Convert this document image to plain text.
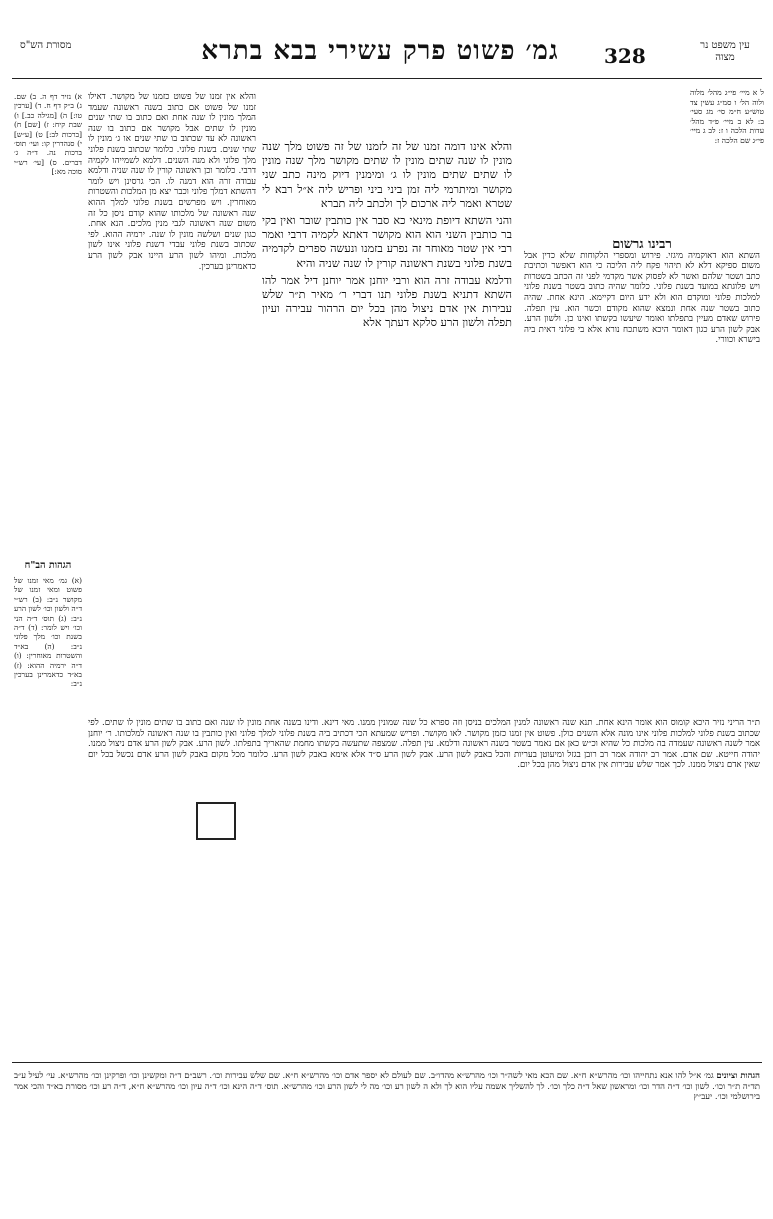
מסורת הש"ס	גמ׳ פשוט פרק עשירי בבא בתרא 328	עין משפט נר מצוה
ל א מיי׳ פי״ג מהל׳ מלוה ולוה הל׳ ו סמ״ג עשין צד טוש״ע ח״מ סי׳ מג סעי׳ ב: לא ב מיי׳ פ״ד מהל׳ עדות הלכה ו ז: לב ג מיי׳ פי״ג שם הלכה ז:
רבינו גרשום

השתא הוא דאוקמיה מיגזי. פירוש ומספרי הלקוחות שלא כדין אבל משום ספיקא דלא לא תיהוי פקח ליה הליכה כי הוא דאפשר וכתיבת כתב ושטר שלהם ואשר לא לפסוק אשר מקדמי לפני זה הכתב בשטרות ויש פלוגתא במועד בשנת פלוני. כלומר שהיה כתוב בשטר בשנת פלוני למלכות פלוני ומוקדם הוא ולא ידע היום דקיימא. הינא אחת. שהיה כתוב בשטר שנה אחת ונמצא שהוא מקודם וכשר הוא. עין תפלה. פירוש שאדם מעיין בתפלתו ואומר שיעשו בקשתו ואינו כן. ולשון הרע. אבק לשון הרע כגון דאומר היכא משתכח נורא אלא בי פלוני דאית ביה בישרא וכוורי.

והלא אינו דומה זמנו של זה לזמנו של זה פשוט מלך שנה מונין לו שנה שתים מונין לו שתים מקושר מלך שנה מונין לו שתים שתים מונין לו ג׳ ומימנין דיוק מינה כתב שני מקושר ומיתרמי ליה זמן ביני ביני ופריש ליה א״ל רבא לי שטרא ואמר ליה ארכום לך ולכתב ליה תברא

והני השתא דיופת מינאי כא סבר אין כותבין שובר ואין בקי בר כותבין השני הוא הוא מקושר דאתא לקמיה דרבי ואמר רבי אין שטר מאוחר זה נפרע בזמנו ונעשה ספרים לקדמיה בשנת פלוני בשנת ראשונה קורין לו שנה שניה והיא

ודלמא עבודה זרה הוא ורבי יוחנן אמר יוחנן דיל אמר להו השתא דתניא בשנת פלוני תנו דברי ר׳ מאיר ת״ר שלש עבירות אין אדם ניצול מהן בכל יום הרהור עבירה ועיון תפלה ולשון הרע סלקא דעתך אלא

והלא אין זמנו של פשוט כזמנו של מקושר. דאילו זמנו של פשוט אם כתוב בשנה ראשונה שעמד המלך מונין לו שנה אחת ואם כתוב בו שתי שנים מונין לו שתים אבל מקושר אם כתוב בו שנה ראשונה לא עד שכתוב בו שתי שנים או ג׳ מונין לו שתי שנים. בשנת פלוני. כלומר שכתוב בשנת פלוני מלך פלוני ולא מנה השנים. דלמא לשמייהו לקמיה דרבי. כלומר וכן ראשונה קורין לו שנה שניה ודלמא עבודה זרה הוא דמנה לו. הכי גרסינן ויש לומר דהשתא דמלך פלוני וכבר יצא מן המלכות והשטרות מאוחרין. ויש מפרשים בשנת פלוני למלך ההוא שנה ראשונה של מלכותו שהוא קודם ניסן כל זה משום שנה ראשונה לגבי מנין מלכים. הנא אחת. כגון שנים ושלשה מונין לו שנה. ירמיה ההוא. לפי שכתוב בשנת פלוני עבדי דשנת פלוני אינו לשון מלכות. ומיהו לשון הרע היינו אבק לשון הרע כדאמרינן בערכין.

א) נזיר דף ה. ב) שם. ג) ב״ק דף ח. ד) [ערכין טו:] ה) [מגילה כב.] ו) שבת קיח: ז) [שם] ח) [ברכות לב:] ט) [ע״ש] י) סנהדרין קו: ועי׳ תוס׳ ברכות נה. ד״ה ג׳ דברים. ס) [עי׳ רש״י סוכה מא:]
הגהות הב"ח
(א) גמ׳ מאי זמנו של פשוט ומאי זמנו של מקושר נ״ב: (ב) רש״י ד״ה ולשון וכו׳ לשון הרע נ״ב: (ג) תוס׳ ד״ה הני וכו׳ ויש לומר: (ד) ד״ה בשנת וכו׳ מלך פלוני נ״ב: (ה) בא״ד והשטרות מאוחרין: (ו) ד״ה ירמיה ההוא: (ז) בא״ד כדאמרינן בערכין נ״ב:

ת״ר הריני נזיר היכא קומוס הוא אומר הינא אחת. תנא שנה ראשונה למנין המלכים בניסן וזה ספרא כל שנה שמונין ממנו. מאי דינא. ודינו בשנה אחת מונין לו שנה ואם כתוב בו שתים מונין לו שתים. לפי שכתוב בשנת פלוני למלכות פלוני אינו מונה אלא השנים כולן. פשוט אין זמנו כזמן מקושר. לאו מקושר. ופריש שמעתא הכי דכתיב ביה בשנת פלוני למלך פלוני ואין כותבין בו שנה ראשונה למלכותו. ר׳ יוחנן אמר לשנה ראשונה שעמדה בה מלכות כל שהיא וכ״ש כאן אם נאמר בשטר בשנה ראשונה ודלמא. עין תפלה. שמצפה שתעשה בקשתו מחמת שהאריך בתפלתו. לשון הרע. אבק לשון הרע אדם ניצול ממנו. יהודה חייטא. שם אדם. אמר רב יהודה אמר רב רובן בגזל ומיעוטן בעריות והכל באבק לשון הרע. אבק לשון הרע ס״ד אלא אימא באבק לשון הרע. כלומר מכל מקום באבק לשון הרע אדם נכשל בכל יום שאין אדם ניצול ממנו. לכך אמר שלש עבירות אין אדם ניצול מהן בכל יום.

הגהות וציונים גמ׳ א״ל להו אנא נתחייהו וכו׳ מהרש״א ח״א. שם הכא מאי לשה״ר וכו׳ מהרש״א מהדו״ב. שם לעולם לא יספר אדם וכו׳ מהרש״א ח״א. שם שלש עבירות וכו׳. רשב״ם ד״ה ומקשינן וכו׳ ופרקינן וכו׳ מהרש״א. עי׳ לעיל ע״ב תד״ה ת״ר וכו׳. לשון וכו׳ ד״ה הדר וכו׳ ומראשון שאל ד״ה כלך וכו׳. לך להשליך אשמה עליו הוא לך ולא ה לשון רע וכו׳ מה לי לשון הרע וכו׳ מהרש״א. תוס׳ ד״ה הינא וכו׳ ד״ה עיון וכו׳ מהרש״א ח״א, ד״ה רע וכו׳ מסורת בא״ד והכי אמר בירושלמי וכו׳. יעב״ץ
